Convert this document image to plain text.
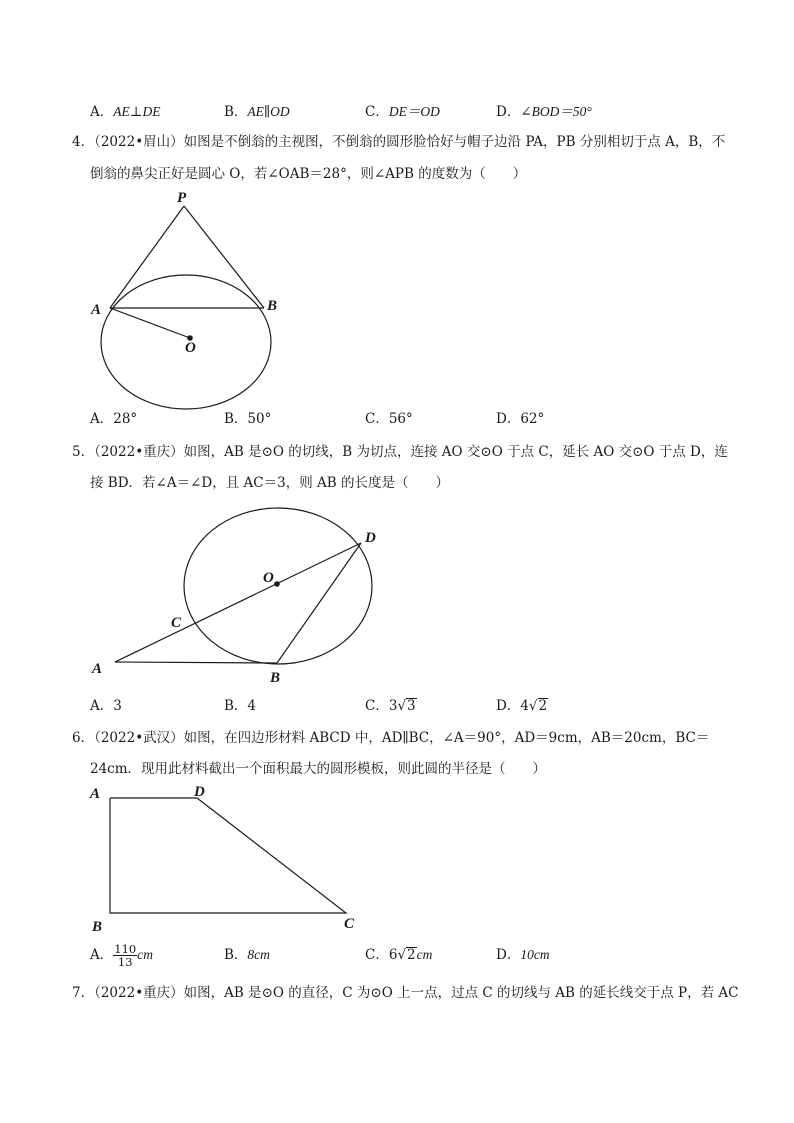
A．AE⊥DE	B．AE∥OD	C．DE＝OD	D．∠BOD＝50°
4．（2022•眉山）如图是不倒翁的主视图，不倒翁的圆形脸恰好与帽子边沿 PA，PB 分别相切于点 A，B，不
倒翁的鼻尖正好是圆心 O，若∠OAB＝28°，则∠APB 的度数为（　　）
P
A	B
O
A
B
C
D
O
A	D
B	C
A．28°	B．50°	C．56°	D．62°
5．（2022•重庆）如图，AB 是⊙O 的切线，B 为切点，连接 AO 交⊙O 于点 C，延长 AO 交⊙O 于点 D，连
接 BD．若∠A＝∠D，且 AC＝3，则 AB 的长度是（　　）
A．3	B．4	C．3√3	D．4√2
6．（2022•武汉）如图，在四边形材料 ABCD 中，AD∥BC，∠A＝90°，AD＝9cm，AB＝20cm，BC＝
24cm．现用此材料截出一个面积最大的圆形模板，则此圆的半径是（　　）
A． $\frac{110}{13}$ cm	B．8cm	C．6√2cm	D．10cm
7．（2022•重庆）如图，AB 是⊙O 的直径，C 为⊙O 上一点，过点 C 的切线与 AB 的延长线交于点 P，若 AC
